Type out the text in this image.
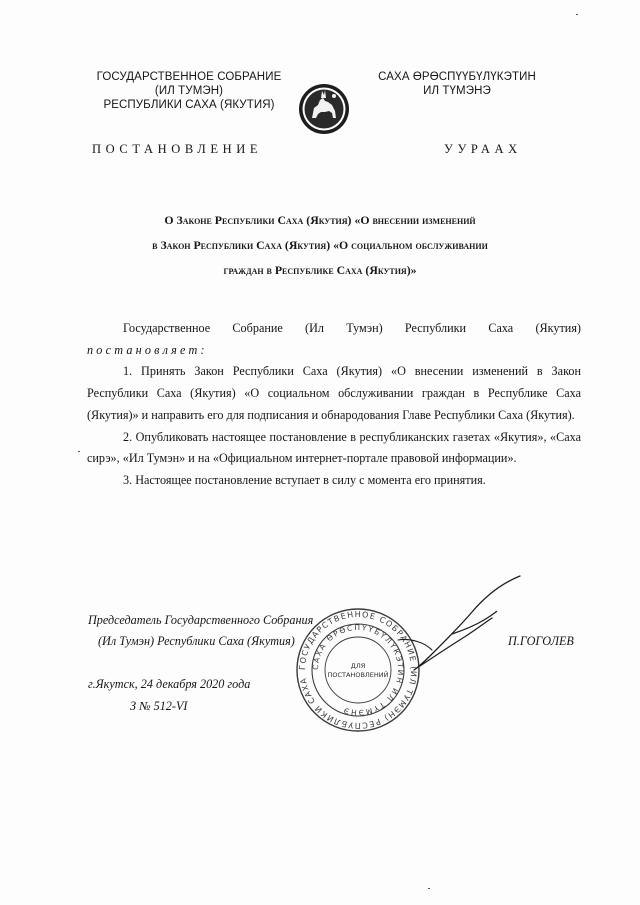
ГОСУДАРСТВЕННОЕ СОБРАНИЕ
(ИЛ ТУМЭН)
РЕСПУБЛИКИ САХА (ЯКУТИЯ)
САХА ӨРӨСПҮҮБҮЛҮКЭТИН
ИЛ ТҮМЭНЭ
ПОСТАНОВЛЕНИЕ	УУРААХ
О Законе Республики Саха (Якутия) «О внесении изменений
в Закон Республики Саха (Якутия) «О социальном обслуживании
граждан в Республике Саха (Якутия)»

Государственное Собрание (Ил Тумэн) Республики Саха (Якутия)

постановляет:

1. Принять Закон Республики Саха (Якутия) «О внесении изменений в Закон Республики Саха (Якутия) «О социальном обслуживании граждан в Республике Саха (Якутия)» и направить его для подписания и обнародования Главе Республики Саха (Якутия).

2. Опубликовать настоящее постановление в республиканских газетах «Якутия», «Саха сирэ», «Ил Тумэн» и на «Официальном интернет-портале правовой информации».

3. Настоящее постановление вступает в силу с момента его принятия.

ГОСУДАРСТВЕННОЕ СОБРАНИЕ (ИЛ ТУМЭН) РЕСПУБЛИКИ САХА
САХА ӨРӨСПҮҮБҮЛҮКЭТИН ИЛ ТҮМЭНЭ
ДЛЯ
ПОСТАНОВЛЕНИЙ
Председатель Государственного Собрания
(Ил Тумэн) Республики Саха (Якутия)	П.ГОГОЛЕВ
г.Якутск, 24 декабря 2020 года
З № 512-VI
